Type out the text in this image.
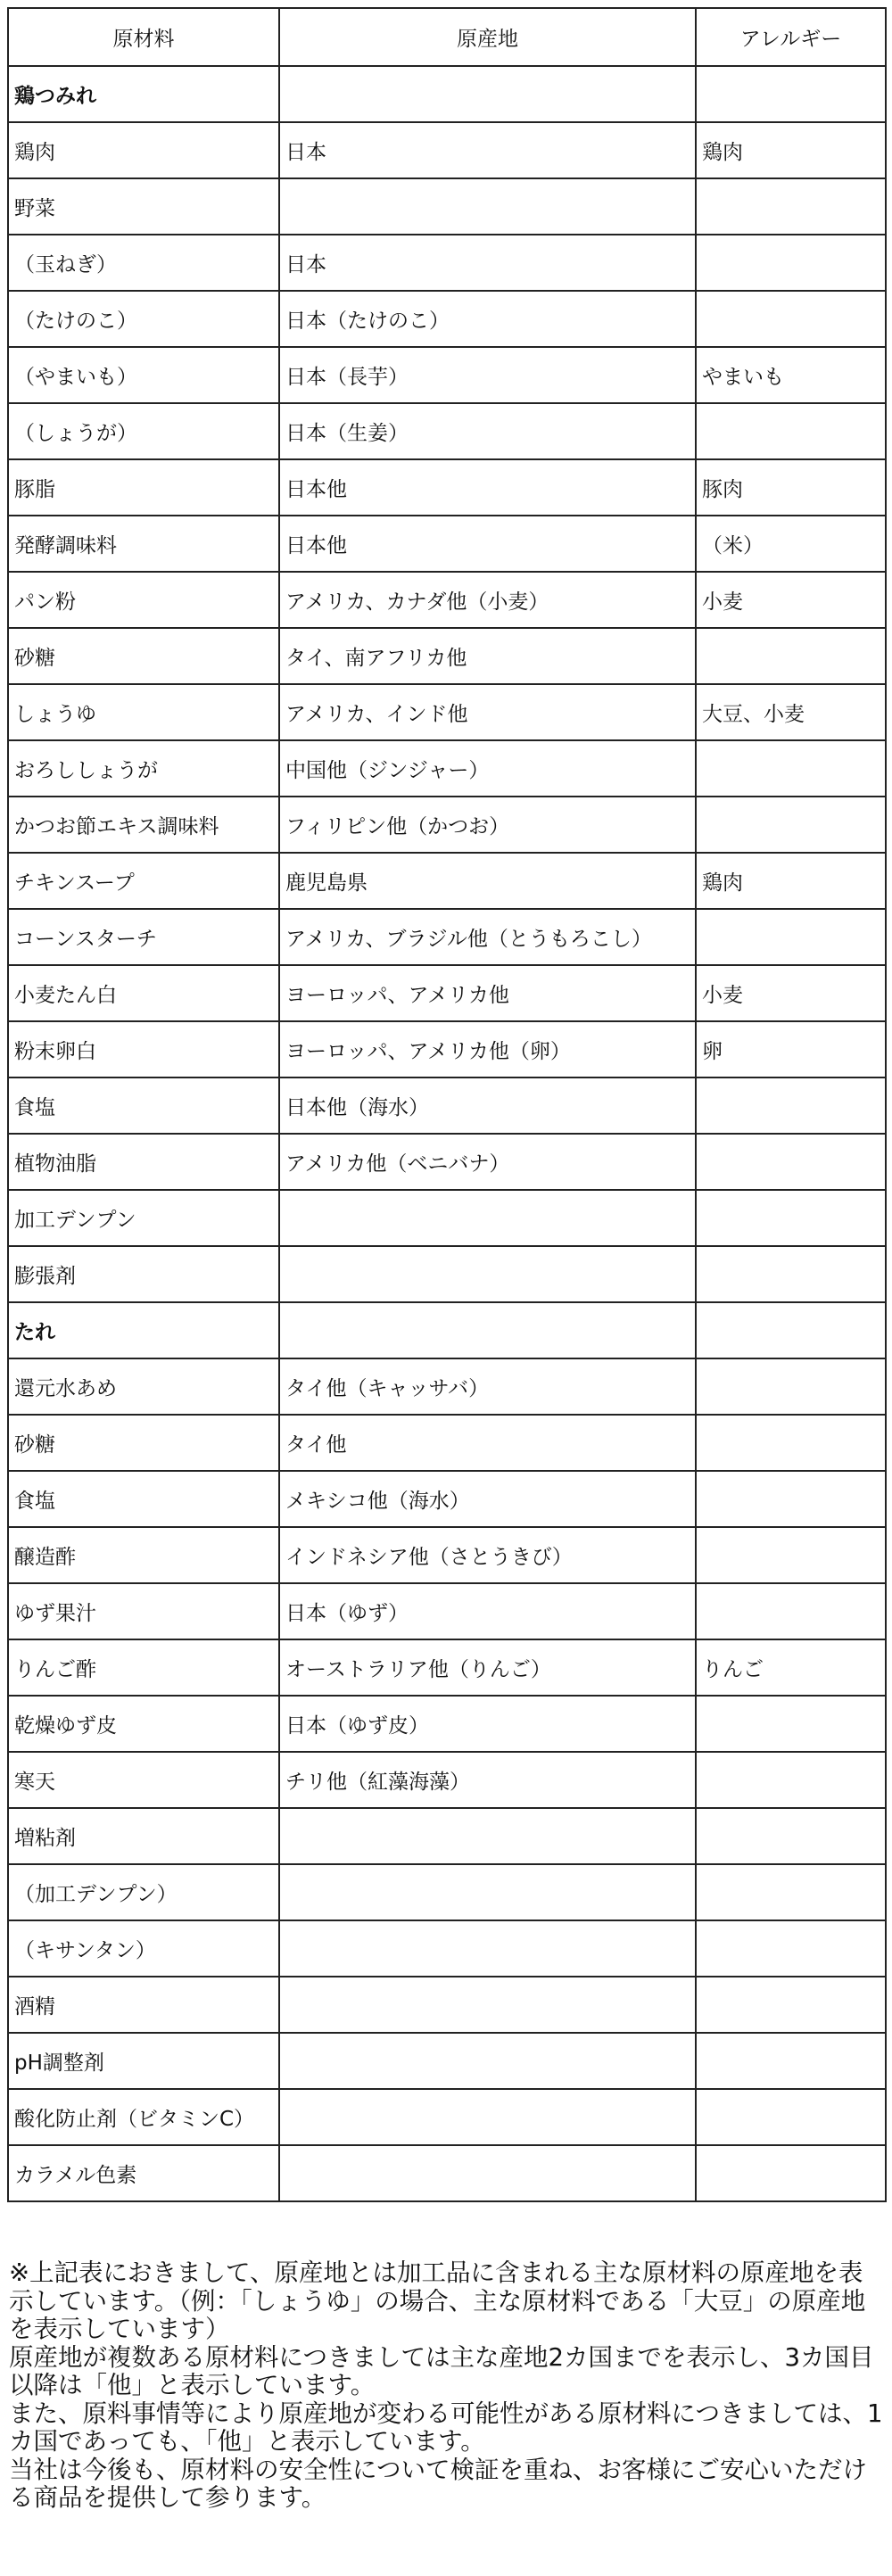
原材料	原産地	アレルギー
鶏つみれ		
鶏肉	日本	鶏肉
野菜		
（玉ねぎ）	日本	
（たけのこ）	日本（たけのこ）	
（やまいも）	日本（長芋）	やまいも
（しょうが）	日本（生姜）	
豚脂	日本他	豚肉
発酵調味料	日本他	（米）
パン粉	アメリカ、カナダ他（小麦）	小麦
砂糖	タイ、南アフリカ他	
しょうゆ	アメリカ、インド他	大豆、小麦
おろししょうが	中国他（ジンジャー）	
かつお節エキス調味料	フィリピン他（かつお）	
チキンスープ	鹿児島県	鶏肉
コーンスターチ	アメリカ、ブラジル他（とうもろこし）	
小麦たん白	ヨーロッパ、アメリカ他	小麦
粉末卵白	ヨーロッパ、アメリカ他（卵）	卵
食塩	日本他（海水）	
植物油脂	アメリカ他（ベニバナ）	
加工デンプン		
膨張剤		
たれ		
還元水あめ	タイ他（キャッサバ）	
砂糖	タイ他	
食塩	メキシコ他（海水）	
醸造酢	インドネシア他（さとうきび）	
ゆず果汁	日本（ゆず）	
りんご酢	オーストラリア他（りんご）	りんご
乾燥ゆず皮	日本（ゆず皮）	
寒天	チリ他（紅藻海藻）	
増粘剤		
（加工デンプン）		
（キサンタン）		
酒精		
pH調整剤		
酸化防止剤（ビタミンC）		
カラメル色素		

※上記表におきまして、原産地とは加工品に含まれる主な原材料の原産地を表示しています。（例：「しょうゆ」の場合、主な原材料である「大豆」の原産地を表示しています）

原産地が複数ある原材料につきましては主な産地2カ国までを表示し、3カ国目以降は「他」と表示しています。

また、原料事情等により原産地が変わる可能性がある原材料につきましては、1カ国であっても、「他」と表示しています。

当社は今後も、原材料の安全性について検証を重ね、お客様にご安心いただける商品を提供して参ります。
